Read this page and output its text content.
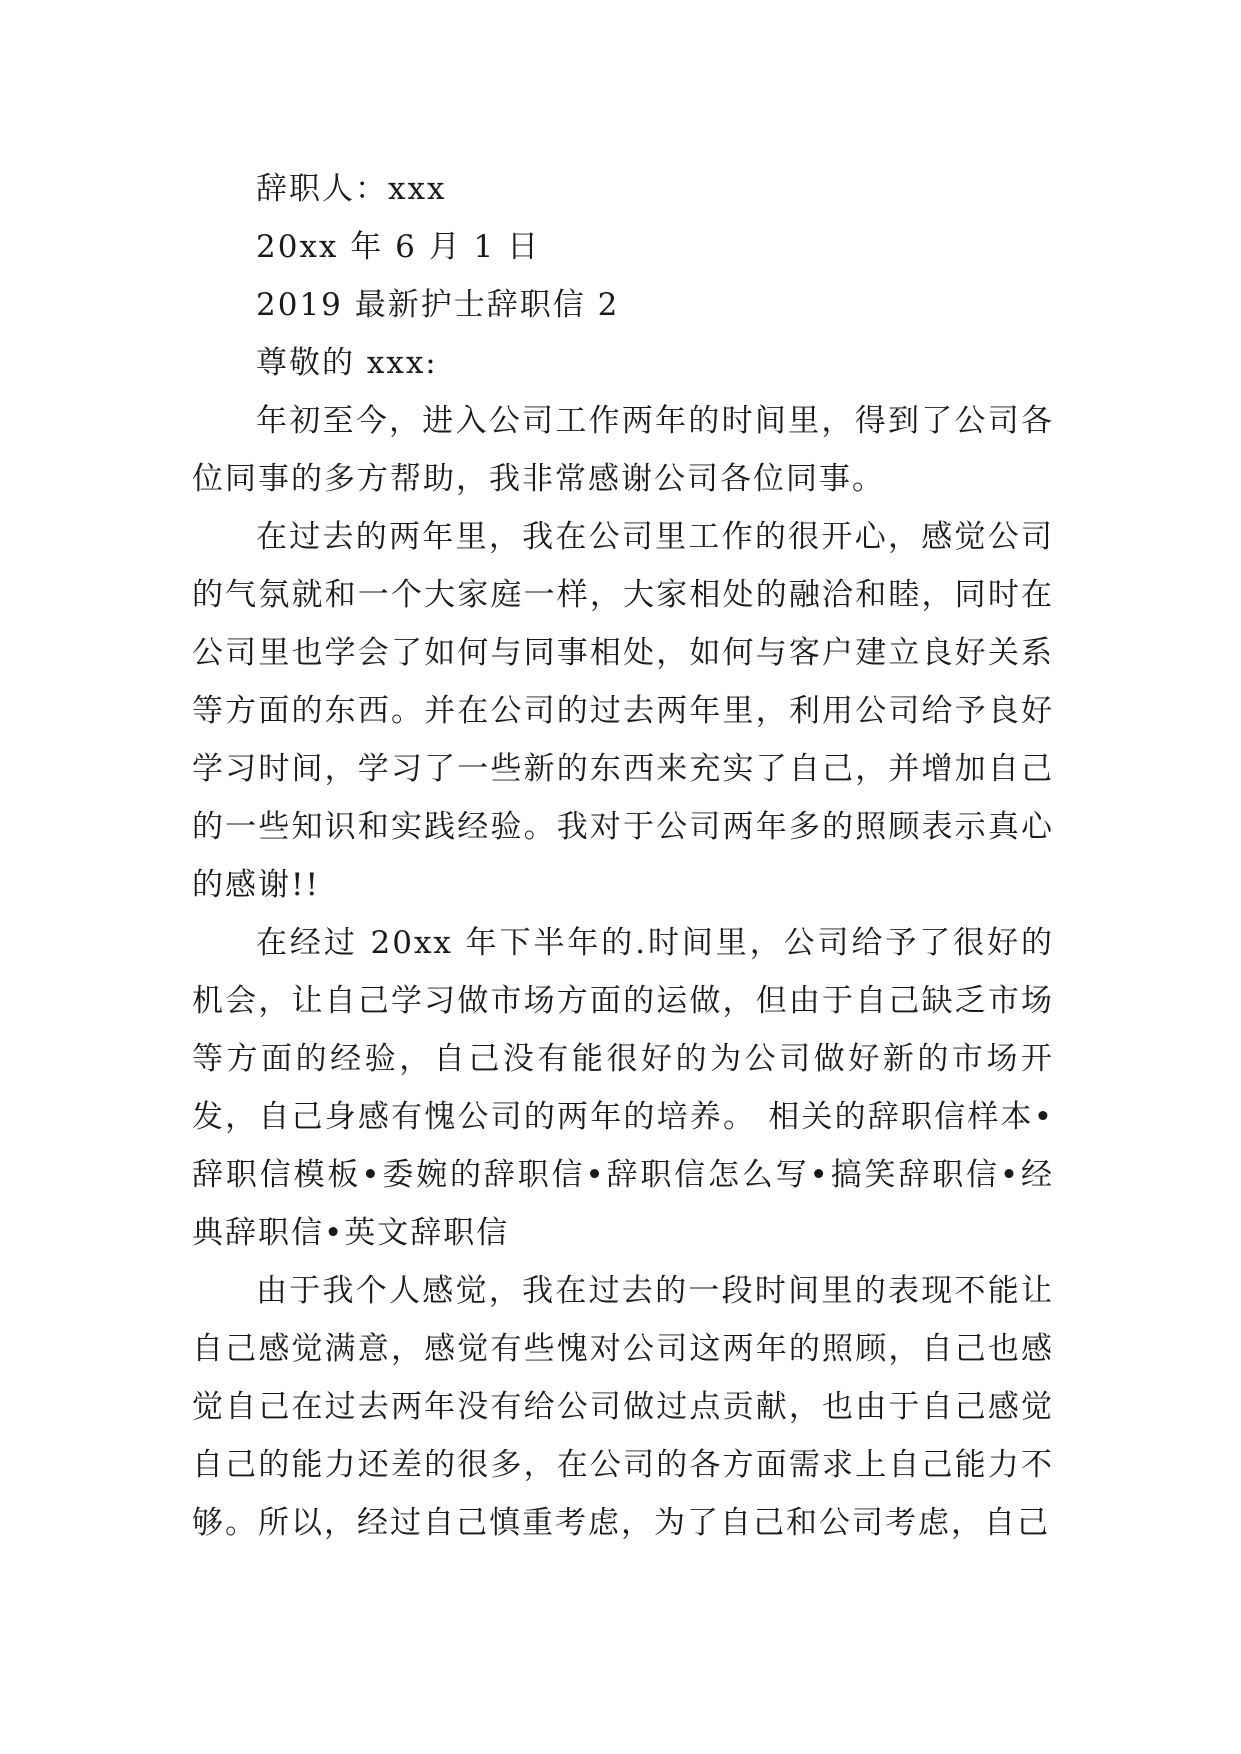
辞职人：xxx
20xx 年 6 月 1 日
2019 最新护士辞职信 2
尊敬的 xxx:

年初至今，进入公司工作两年的时间里，得到了公司各位同事的多方帮助，我非常感谢公司各位同事。

在过去的两年里，我在公司里工作的很开心，感觉公司的气氛就和一个大家庭一样，大家相处的融洽和睦，同时在公司里也学会了如何与同事相处，如何与客户建立良好关系等方面的东西。并在公司的过去两年里，利用公司给予良好学习时间，学习了一些新的东西来充实了自己，并增加自己的一些知识和实践经验。我对于公司两年多的照顾表示真心的感谢!!

在经过 20xx 年下半年的.时间里，公司给予了很好的机会，让自己学习做市场方面的运做，但由于自己缺乏市场等方面的经验，自己没有能很好的为公司做好新的市场开发，自己身感有愧公司的两年的培养。 相关的辞职信样本•辞职信模板•委婉的辞职信•辞职信怎么写•搞笑辞职信•经典辞职信•英文辞职信

由于我个人感觉，我在过去的一段时间里的表现不能让自己感觉满意，感觉有些愧对公司这两年的照顾，自己也感觉自己在过去两年没有给公司做过点贡献，也由于自己感觉自己的能力还差的很多，在公司的各方面需求上自己能力不够。所以，经过自己慎重考虑，为了自己和公司考虑，自己
